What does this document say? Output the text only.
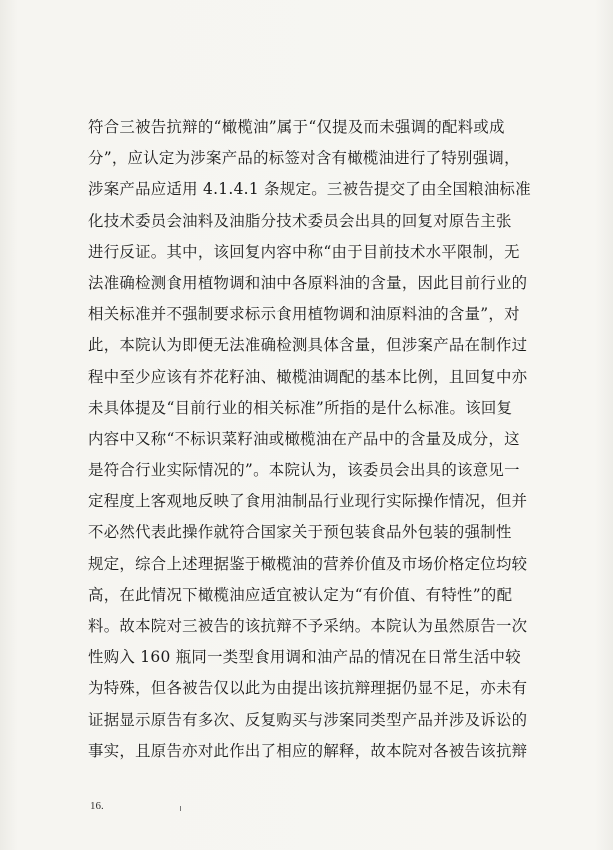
符合三被告抗辩的“橄榄油”属于“仅提及而未强调的配料或成
分”，应认定为涉案产品的标签对含有橄榄油进行了特别强调，
涉案产品应适用 4.1.4.1 条规定。三被告提交了由全国粮油标准
化技术委员会油料及油脂分技术委员会出具的回复对原告主张
进行反证。其中，该回复内容中称“由于目前技术水平限制，无
法准确检测食用植物调和油中各原料油的含量，因此目前行业的
相关标准并不强制要求标示食用植物调和油原料油的含量”，对
此，本院认为即便无法准确检测具体含量，但涉案产品在制作过
程中至少应该有芥花籽油、橄榄油调配的基本比例，且回复中亦
未具体提及“目前行业的相关标准”所指的是什么标准。该回复
内容中又称“不标识菜籽油或橄榄油在产品中的含量及成分，这
是符合行业实际情况的”。本院认为，该委员会出具的该意见一
定程度上客观地反映了食用油制品行业现行实际操作情况，但并
不必然代表此操作就符合国家关于预包装食品外包装的强制性
规定，综合上述理据鉴于橄榄油的营养价值及市场价格定位均较
高，在此情况下橄榄油应适宜被认定为“有价值、有特性”的配
料。故本院对三被告的该抗辩不予采纳。本院认为虽然原告一次
性购入 160 瓶同一类型食用调和油产品的情况在日常生活中较
为特殊，但各被告仅以此为由提出该抗辩理据仍显不足，亦未有
证据显示原告有多次、反复购买与涉案同类型产品并涉及诉讼的
事实，且原告亦对此作出了相应的解释，故本院对各被告该抗辩
16.
